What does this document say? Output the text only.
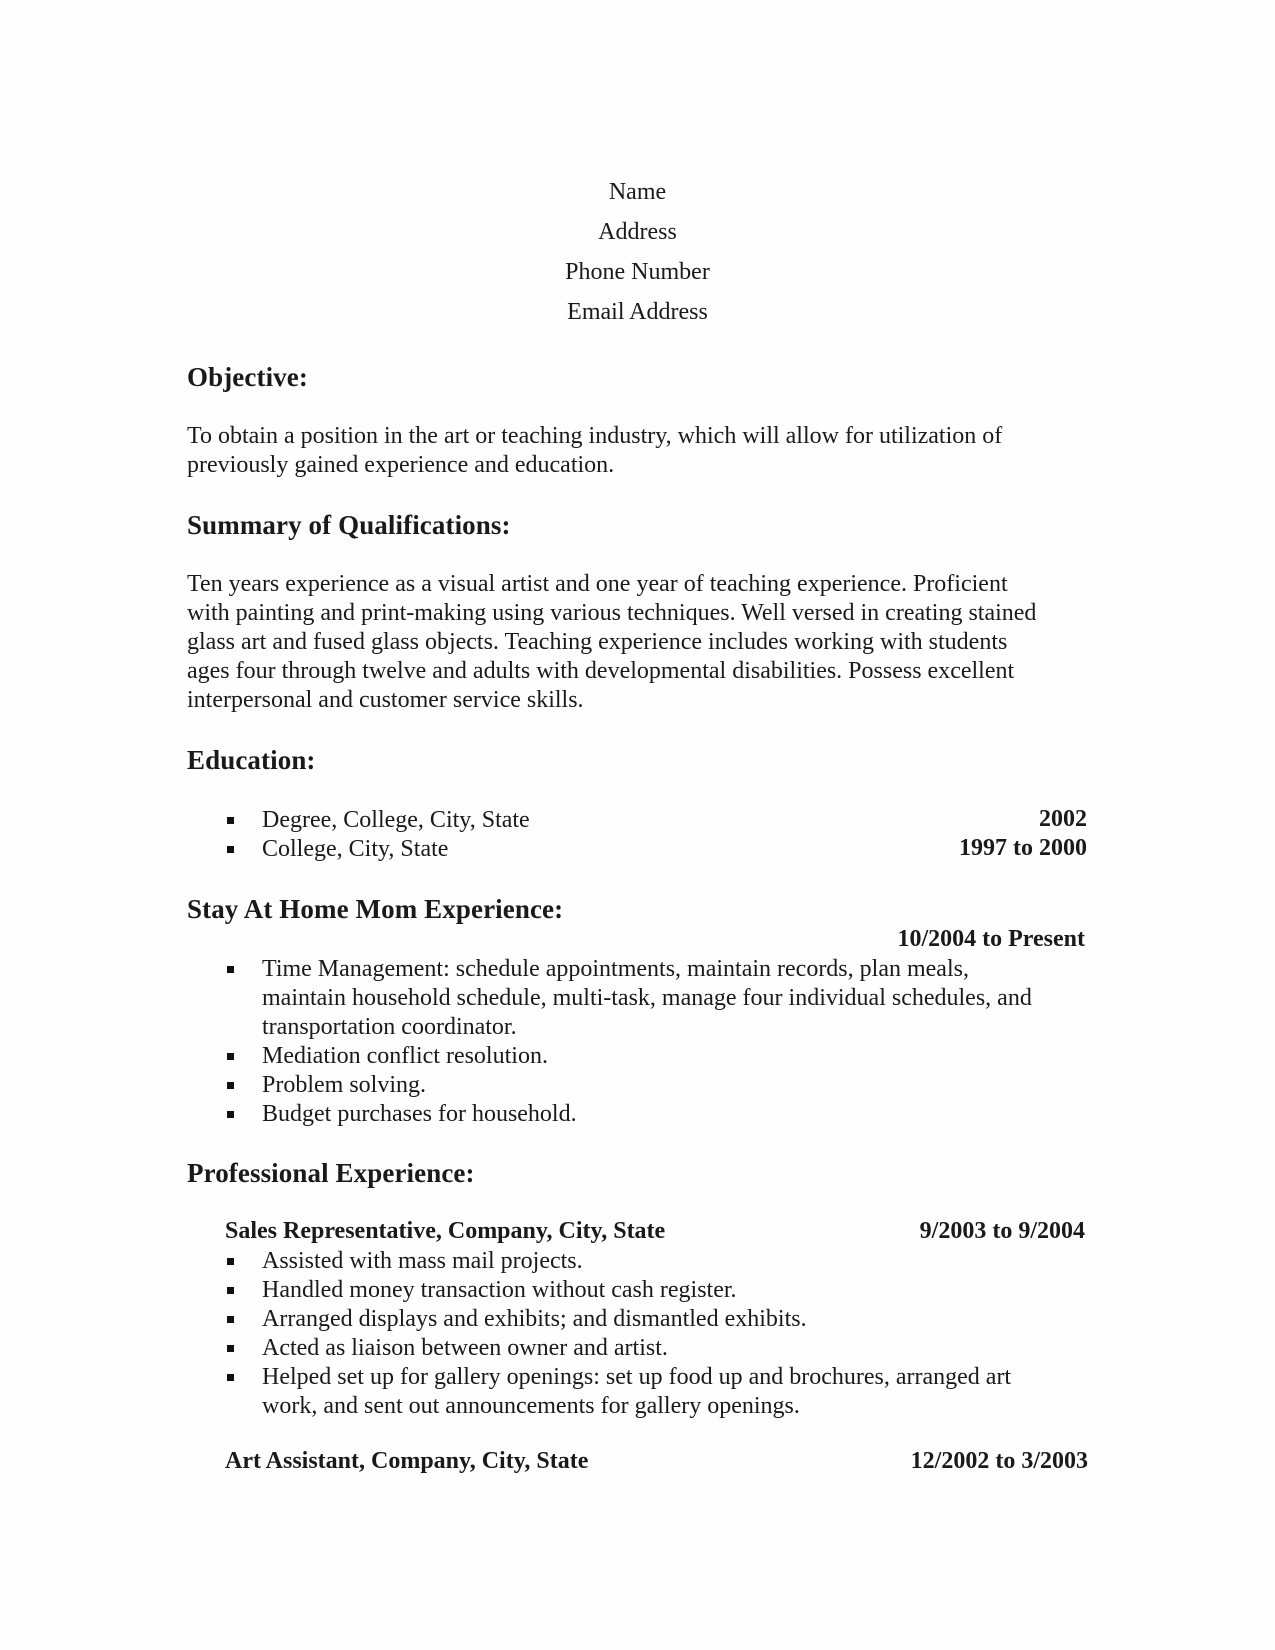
Name
Address
Phone Number
Email Address
Objective:
To obtain a position in the art or teaching industry, which will allow for utilization of
previously gained experience and education.
Summary of Qualifications:
Ten years experience as a visual artist and one year of teaching experience. Proficient
with painting and print-making using various techniques. Well versed in creating stained
glass art and fused glass objects. Teaching experience includes working with students
ages four through twelve and adults with developmental disabilities. Possess excellent
interpersonal and customer service skills.
Education:
Degree, College, City, State
College, City, State
2002
1997 to 2000
Stay At Home Mom Experience:
10/2004 to Present
Time Management: schedule appointments, maintain records, plan meals,
maintain household schedule, multi-task, manage four individual schedules, and
transportation coordinator.
Mediation conflict resolution.
Problem solving.
Budget purchases for household.
Professional Experience:
Sales Representative, Company, City, State	9/2003 to 9/2004
Assisted with mass mail projects.
Handled money transaction without cash register.
Arranged displays and exhibits; and dismantled exhibits.
Acted as liaison between owner and artist.
Helped set up for gallery openings: set up food up and brochures, arranged art
work, and sent out announcements for gallery openings.
Art Assistant, Company, City, State	12/2002 to 3/2003
